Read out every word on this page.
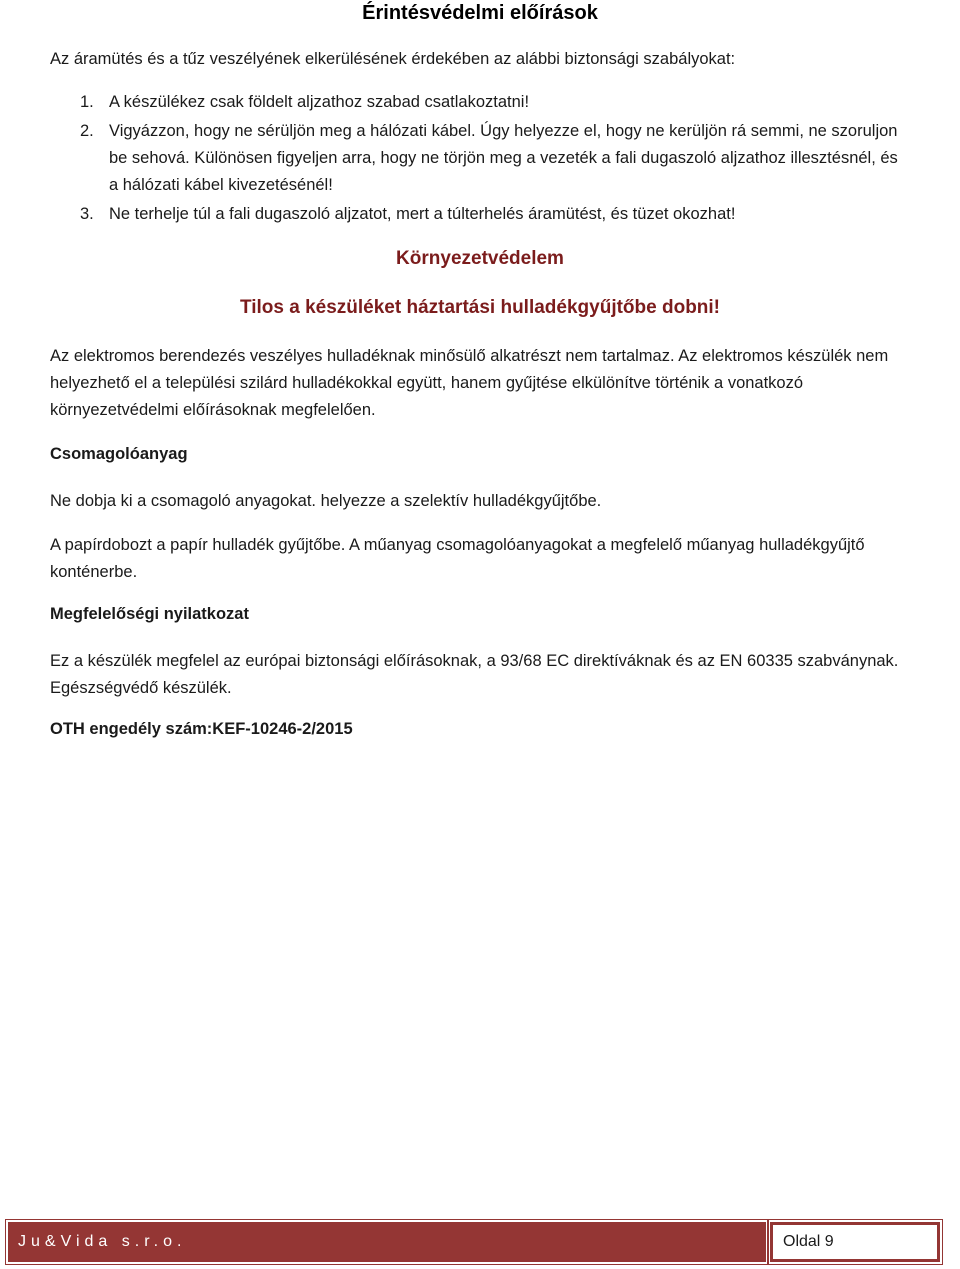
Érintésvédelmi előírások

Az áramütés és a tűz veszélyének elkerülésének érdekében az alábbi biztonsági szabályokat:

1. A készülékez csak földelt aljzathoz szabad csatlakoztatni!
2. Vigyázzon, hogy ne sérüljön meg a hálózati kábel. Úgy helyezze el, hogy ne kerüljön rá semmi, ne szoruljon be sehová. Különösen figyeljen arra, hogy ne törjön meg a vezeték a fali dugaszoló aljzathoz illesztésnél, és a hálózati kábel kivezetésénél!
3. Ne terhelje túl a fali dugaszoló aljzatot, mert a túlterhelés áramütést, és tüzet okozhat!
Környezetvédelem
Tilos a készüléket háztartási hulladékgyűjtőbe dobni!

Az elektromos berendezés veszélyes hulladéknak minősülő alkatrészt nem tartalmaz. Az elektromos készülék nem helyezhető el a települési szilárd hulladékokkal együtt, hanem gyűjtése elkülönítve történik a vonatkozó környezetvédelmi előírásoknak megfelelően.

Csomagolóanyag

Ne dobja ki a csomagoló anyagokat. helyezze a szelektív hulladékgyűjtőbe.

A papírdobozt a papír hulladék gyűjtőbe. A műanyag csomagolóanyagokat a megfelelő műanyag hulladékgyűjtő konténerbe.

Megfelelőségi nyilatkozat

Ez a készülék megfelel az európai biztonsági előírásoknak, a 93/68 EC direktíváknak és az EN 60335 szabványnak. Egészségvédő készülék.

OTH engedély szám:KEF-10246-2/2015
Ju&Vida s.r.o.	Oldal 9
